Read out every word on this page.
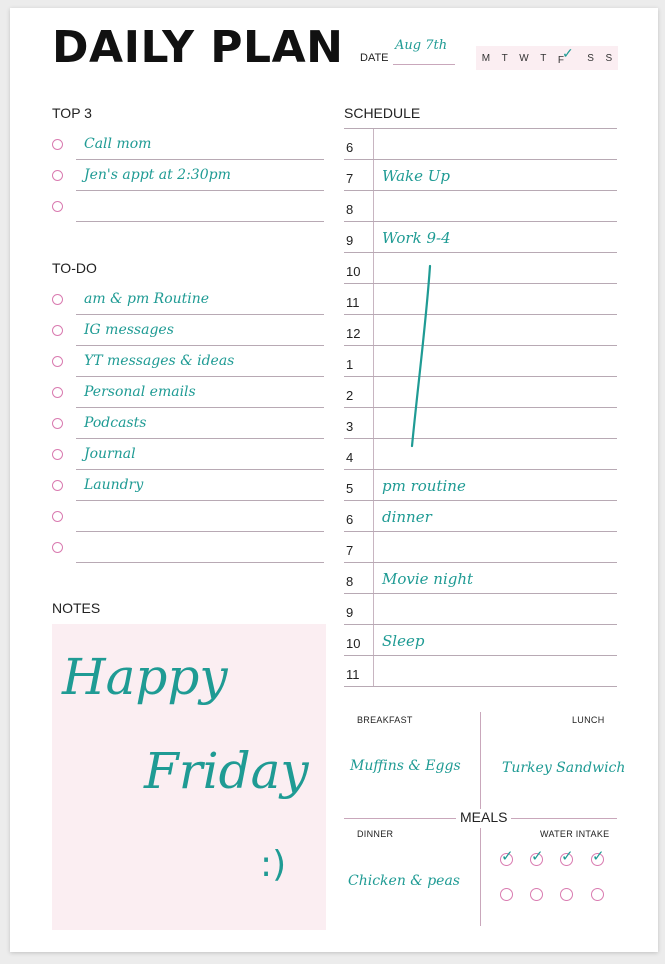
DAILY PLAN DATE
Aug 7th
M T W T F✓ S S
TOP 3
Call mom
Jen's appt at 2:30pm
TO-DO
am & pm Routine
IG messages
YT messages & ideas
Personal emails
Podcasts
Journal
Laundry
SCHEDULE
6
7 Wake Up
8
9 Work 9-4
10
11
12
1
2
3
4
5 pm routine
6 dinner
7
8 Movie night
9
10 Sleep
11
NOTES
Happy
Friday
:)
BREAKFAST	LUNCH
Muffins & Eggs	Turkey Sandwich
MEALS
DINNER	WATER INTAKE
Chicken & peas
✓ ✓ ✓ ✓
